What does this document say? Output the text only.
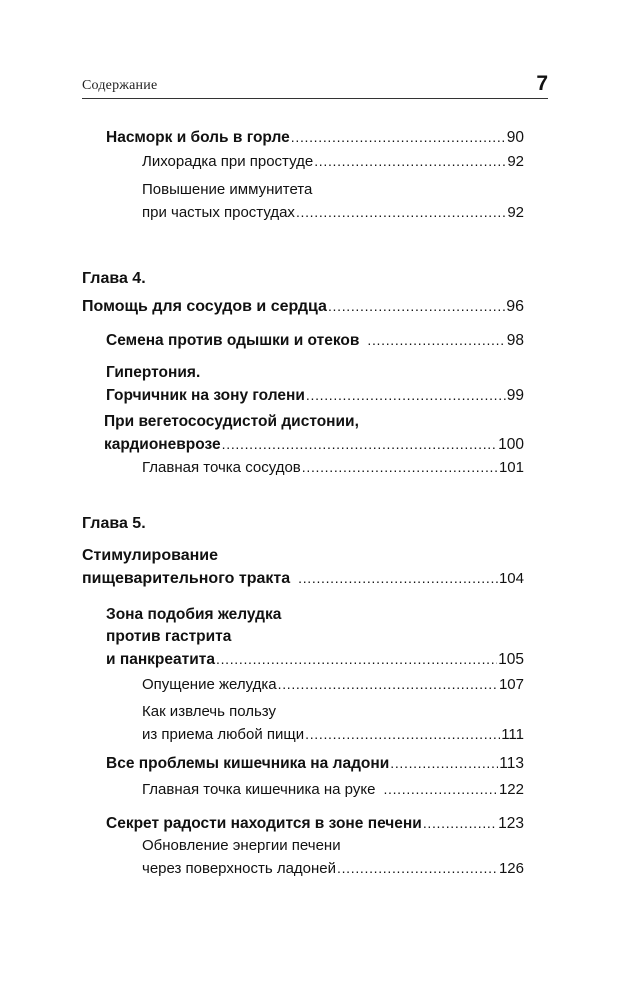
Содержание	7
Насморк и боль в горле . . .	90
Лихорадка при простуде . . .	92
Повышение иммунитета
при частых простудах . . .	92
Глава 4.
Помощь для сосудов и сердца . . .	96
Семена против одышки и отеков . . .	98
Гипертония.
Горчичник на зону голени . . .	99
При вегетососудистой дистонии,
кардионеврозе . . .	100
Главная точка сосудов . . .	101
Глава 5.
Стимулирование
пищеварительного тракта . . .	104
Зона подобия желудка
против гастрита
и панкреатита . . .	105
Опущение желудка . . .	107
Как извлечь пользу
из приема любой пищи . . .	111
Все проблемы кишечника на ладони . . .	113
Главная точка кишечника на руке . . .	122
Секрет радости находится в зоне печени . . .	123
Обновление энергии печени
через поверхность ладоней . . .	126
